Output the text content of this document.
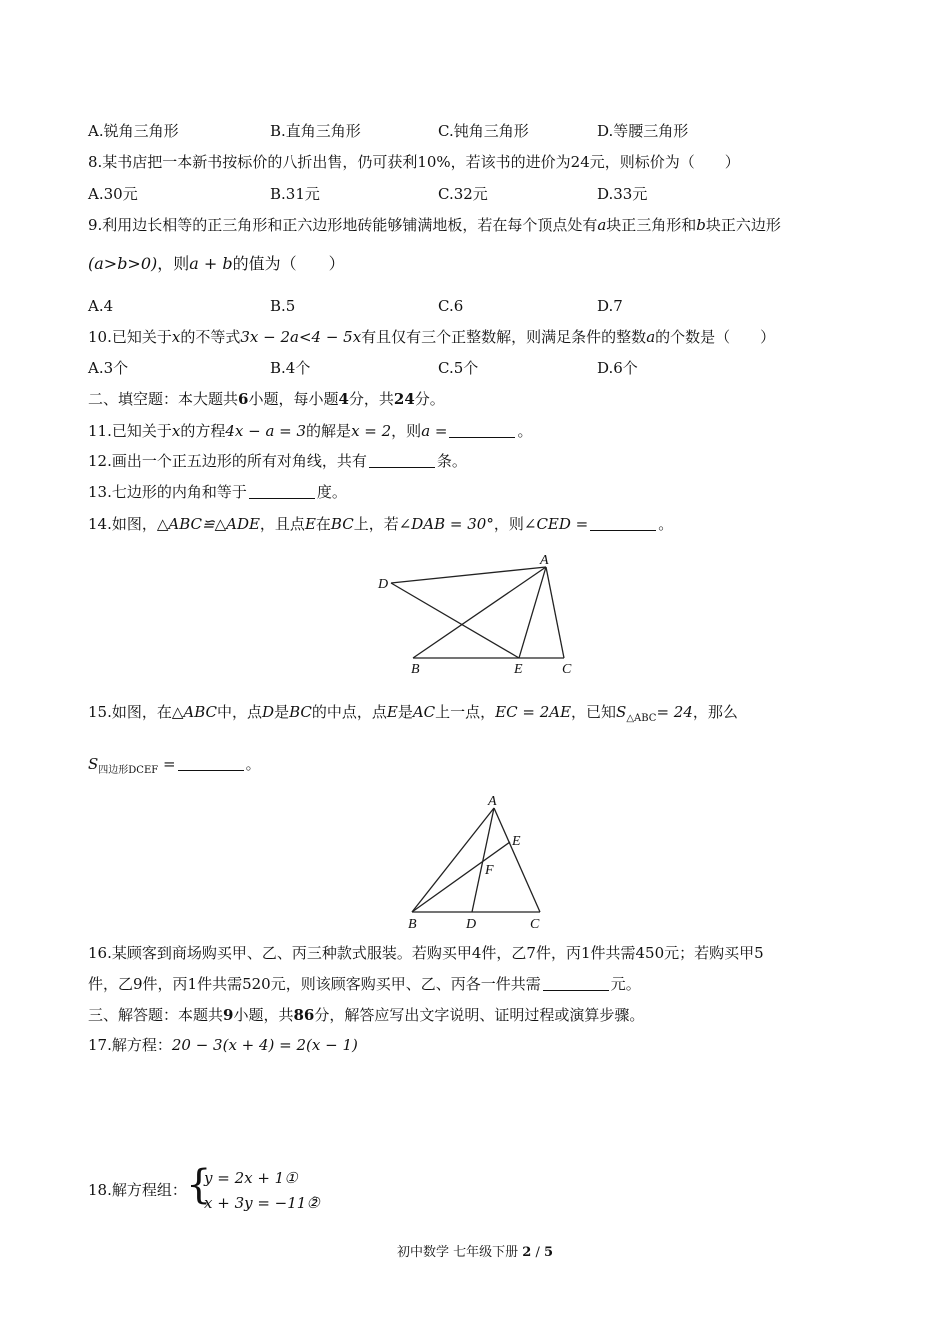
A.锐角三角形	B.直角三角形	C.钝角三角形	D.等腰三角形
8.某书店把一本新书按标价的八折出售，仍可获利10%，若该书的进价为24元，则标价为（　　）
A.30元	B.31元	C.32元	D.33元
9.利用边长相等的正三角形和正六边形地砖能够铺满地板，若在每个顶点处有a块正三角形和b块正六边形
(a>b>0)，则a + b的值为（　　）
A.4	B.5	C.6	D.7
10.已知关于x的不等式3x − 2a<4 − 5x有且仅有三个正整数解，则满足条件的整数a的个数是（　　）
A.3个	B.4个	C.5个	D.6个
二、填空题：本大题共6小题，每小题4分，共24分。
11.已知关于x的方程4x − a = 3的解是x = 2，则a =	。
12.画出一个正五边形的所有对角线，共有	条。
13.七边形的内角和等于	度。
14.如图，△ABC≌△ADE，且点E在BC上，若∠DAB = 30°，则∠CED =	。
D
A
B	E	C
15.如图，在△ABC中，点D是BC的中点，点E是AC上一点，EC = 2AE，已知$S_{\triangle ABC}= 24$，那么
$S_{四边形DCEF}$ =	。
A
E
F
B	D	C
16.某顾客到商场购买甲、乙、丙三种款式服装。若购买甲4件，乙7件，丙1件共需450元；若购买甲5
件，乙9件，丙1件共需520元，则该顾客购买甲、乙、丙各一件共需	元。
三、解答题：本题共9小题，共86分，解答应写出文字说明、证明过程或演算步骤。
17.解方程：20 − 3(x + 4) = 2(x − 1)
18.解方程组： {
y = 2x + 1①
x + 3y = −11②
。
初中数学 七年级下册 2 / 5
